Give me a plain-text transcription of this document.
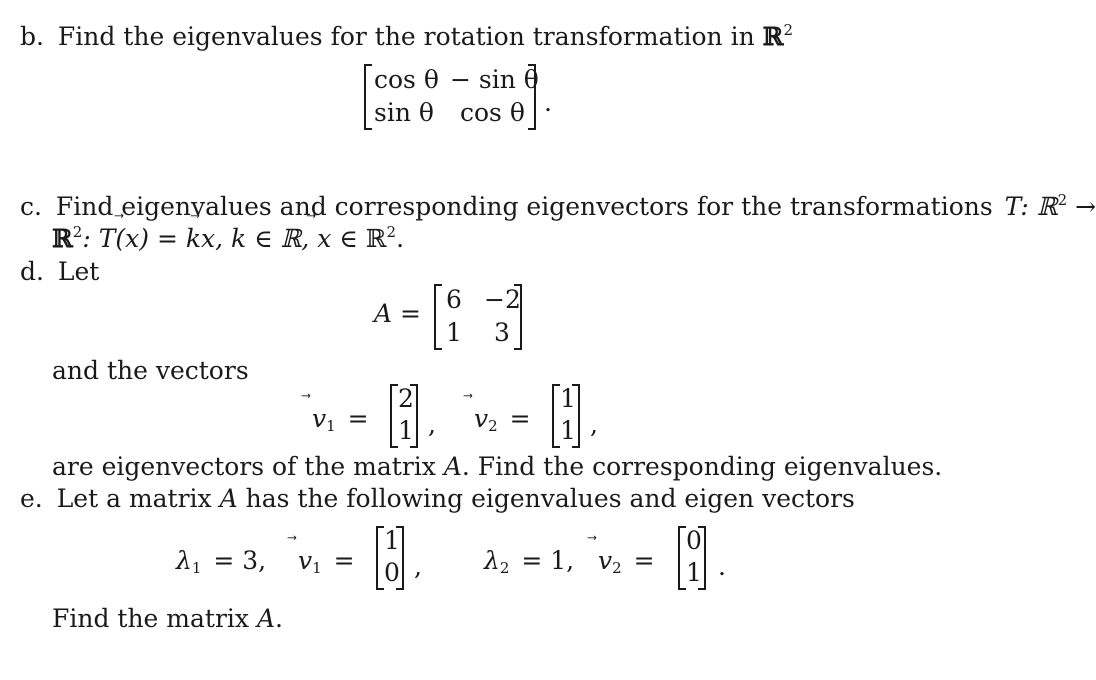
b. Find the eigenvalues for the rotation transformation in ℝ$^2$
cos θ − sin θ
sin θ cos θ .
c. Find eigenvalues and corresponding eigenvectors for the transformations T: ℝ$^2$ →
ℝ$^2$: T(
x) = k
x, k ∈ ℝ, x ∈ ℝ$^2$.
d. Let
A = 6 −2
1 3
and the vectors
$v_1$ =
2
1 , $v_2$ =
1
1 ,
are eigenvectors of the matrix A. Find the corresponding eigenvalues.
e. Let a matrix A has the following eigenvalues and eigen vectors
$\lambda_1 = 3$, $v_1$ =
1
0 , $\lambda_2 = 1$, $v_2$ =
0
1 .
Find the matrix A.
